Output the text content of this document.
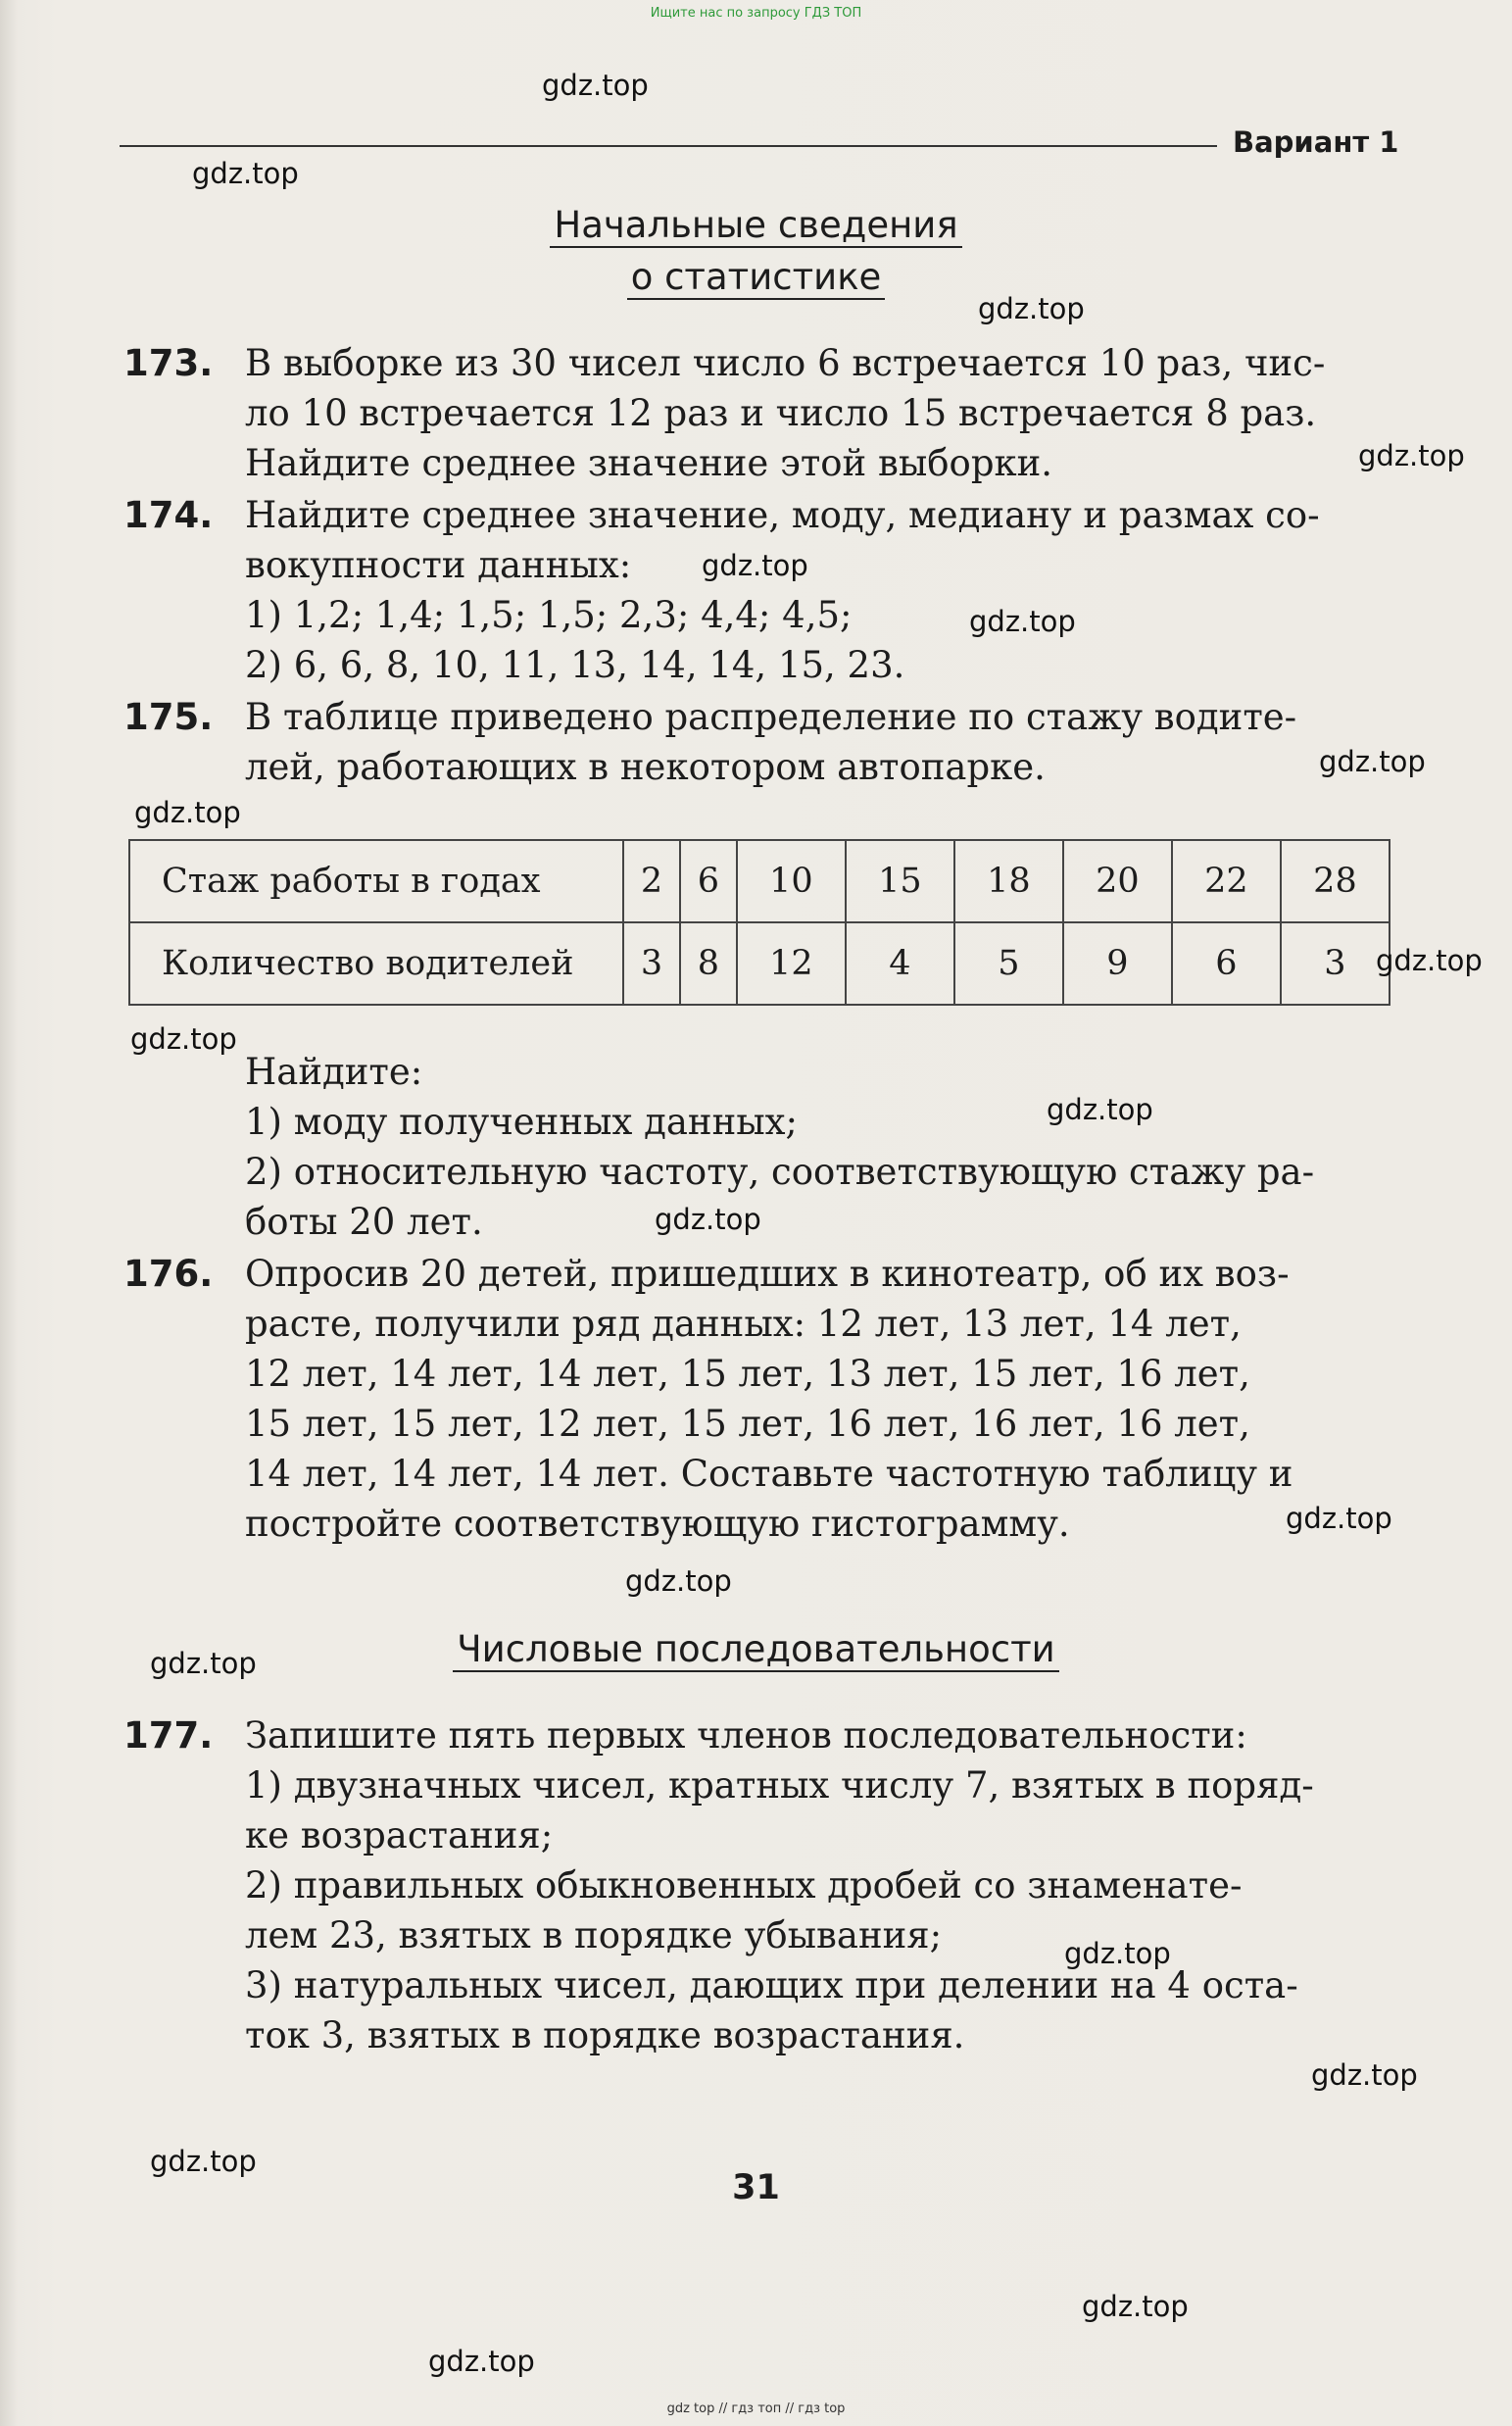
Ищите нас по запросу ГДЗ ТОП
Вариант 1
Начальные сведения
о статистике
173. В выборке из 30 чисел число 6 встречается 10 раз, чис-
ло 10 встречается 12 раз и число 15 встречается 8 раз.
Найдите среднее значение этой выборки.
174. Найдите среднее значение, моду, медиану и размах со-
вокупности данных:
1) 1,2; 1,4; 1,5; 1,5; 2,3; 4,4; 4,5;
2) 6, 6, 8, 10, 11, 13, 14, 14, 15, 23.
175. В таблице приведено распределение по стажу водите-
лей, работающих в некотором автопарке.
Стаж работы в годах	2	6	10	15	18	20	22	28
Количество водителей	3	8	12	4	5	9	6	3
Найдите:
1) моду полученных данных;
2) относительную частоту, соответствующую стажу ра-
боты 20 лет.
176. Опросив 20 детей, пришедших в кинотеатр, об их воз-
расте, получили ряд данных: 12 лет, 13 лет, 14 лет,
12 лет, 14 лет, 14 лет, 15 лет, 13 лет, 15 лет, 16 лет,
15 лет, 15 лет, 12 лет, 15 лет, 16 лет, 16 лет, 16 лет,
14 лет, 14 лет, 14 лет. Составьте частотную таблицу и
постройте соответствующую гистограмму.
Числовые последовательности
177. Запишите пять первых членов последовательности:
1) двузначных чисел, кратных числу 7, взятых в поряд-
ке возрастания;
2) правильных обыкновенных дробей со знаменате-
лем 23, взятых в порядке убывания;
3) натуральных чисел, дающих при делении на 4 оста-
ток 3, взятых в порядке возрастания.
31
gdz.top
gdz.top
gdz.top
gdz.top
gdz.top
gdz.top
gdz.top
gdz.top
gdz.top
gdz.top
gdz.top
gdz.top
gdz.top
gdz.top
gdz.top
gdz.top
gdz.top
gdz.top
gdz.top
gdz.top
gdz top // гдз топ // гдз top
